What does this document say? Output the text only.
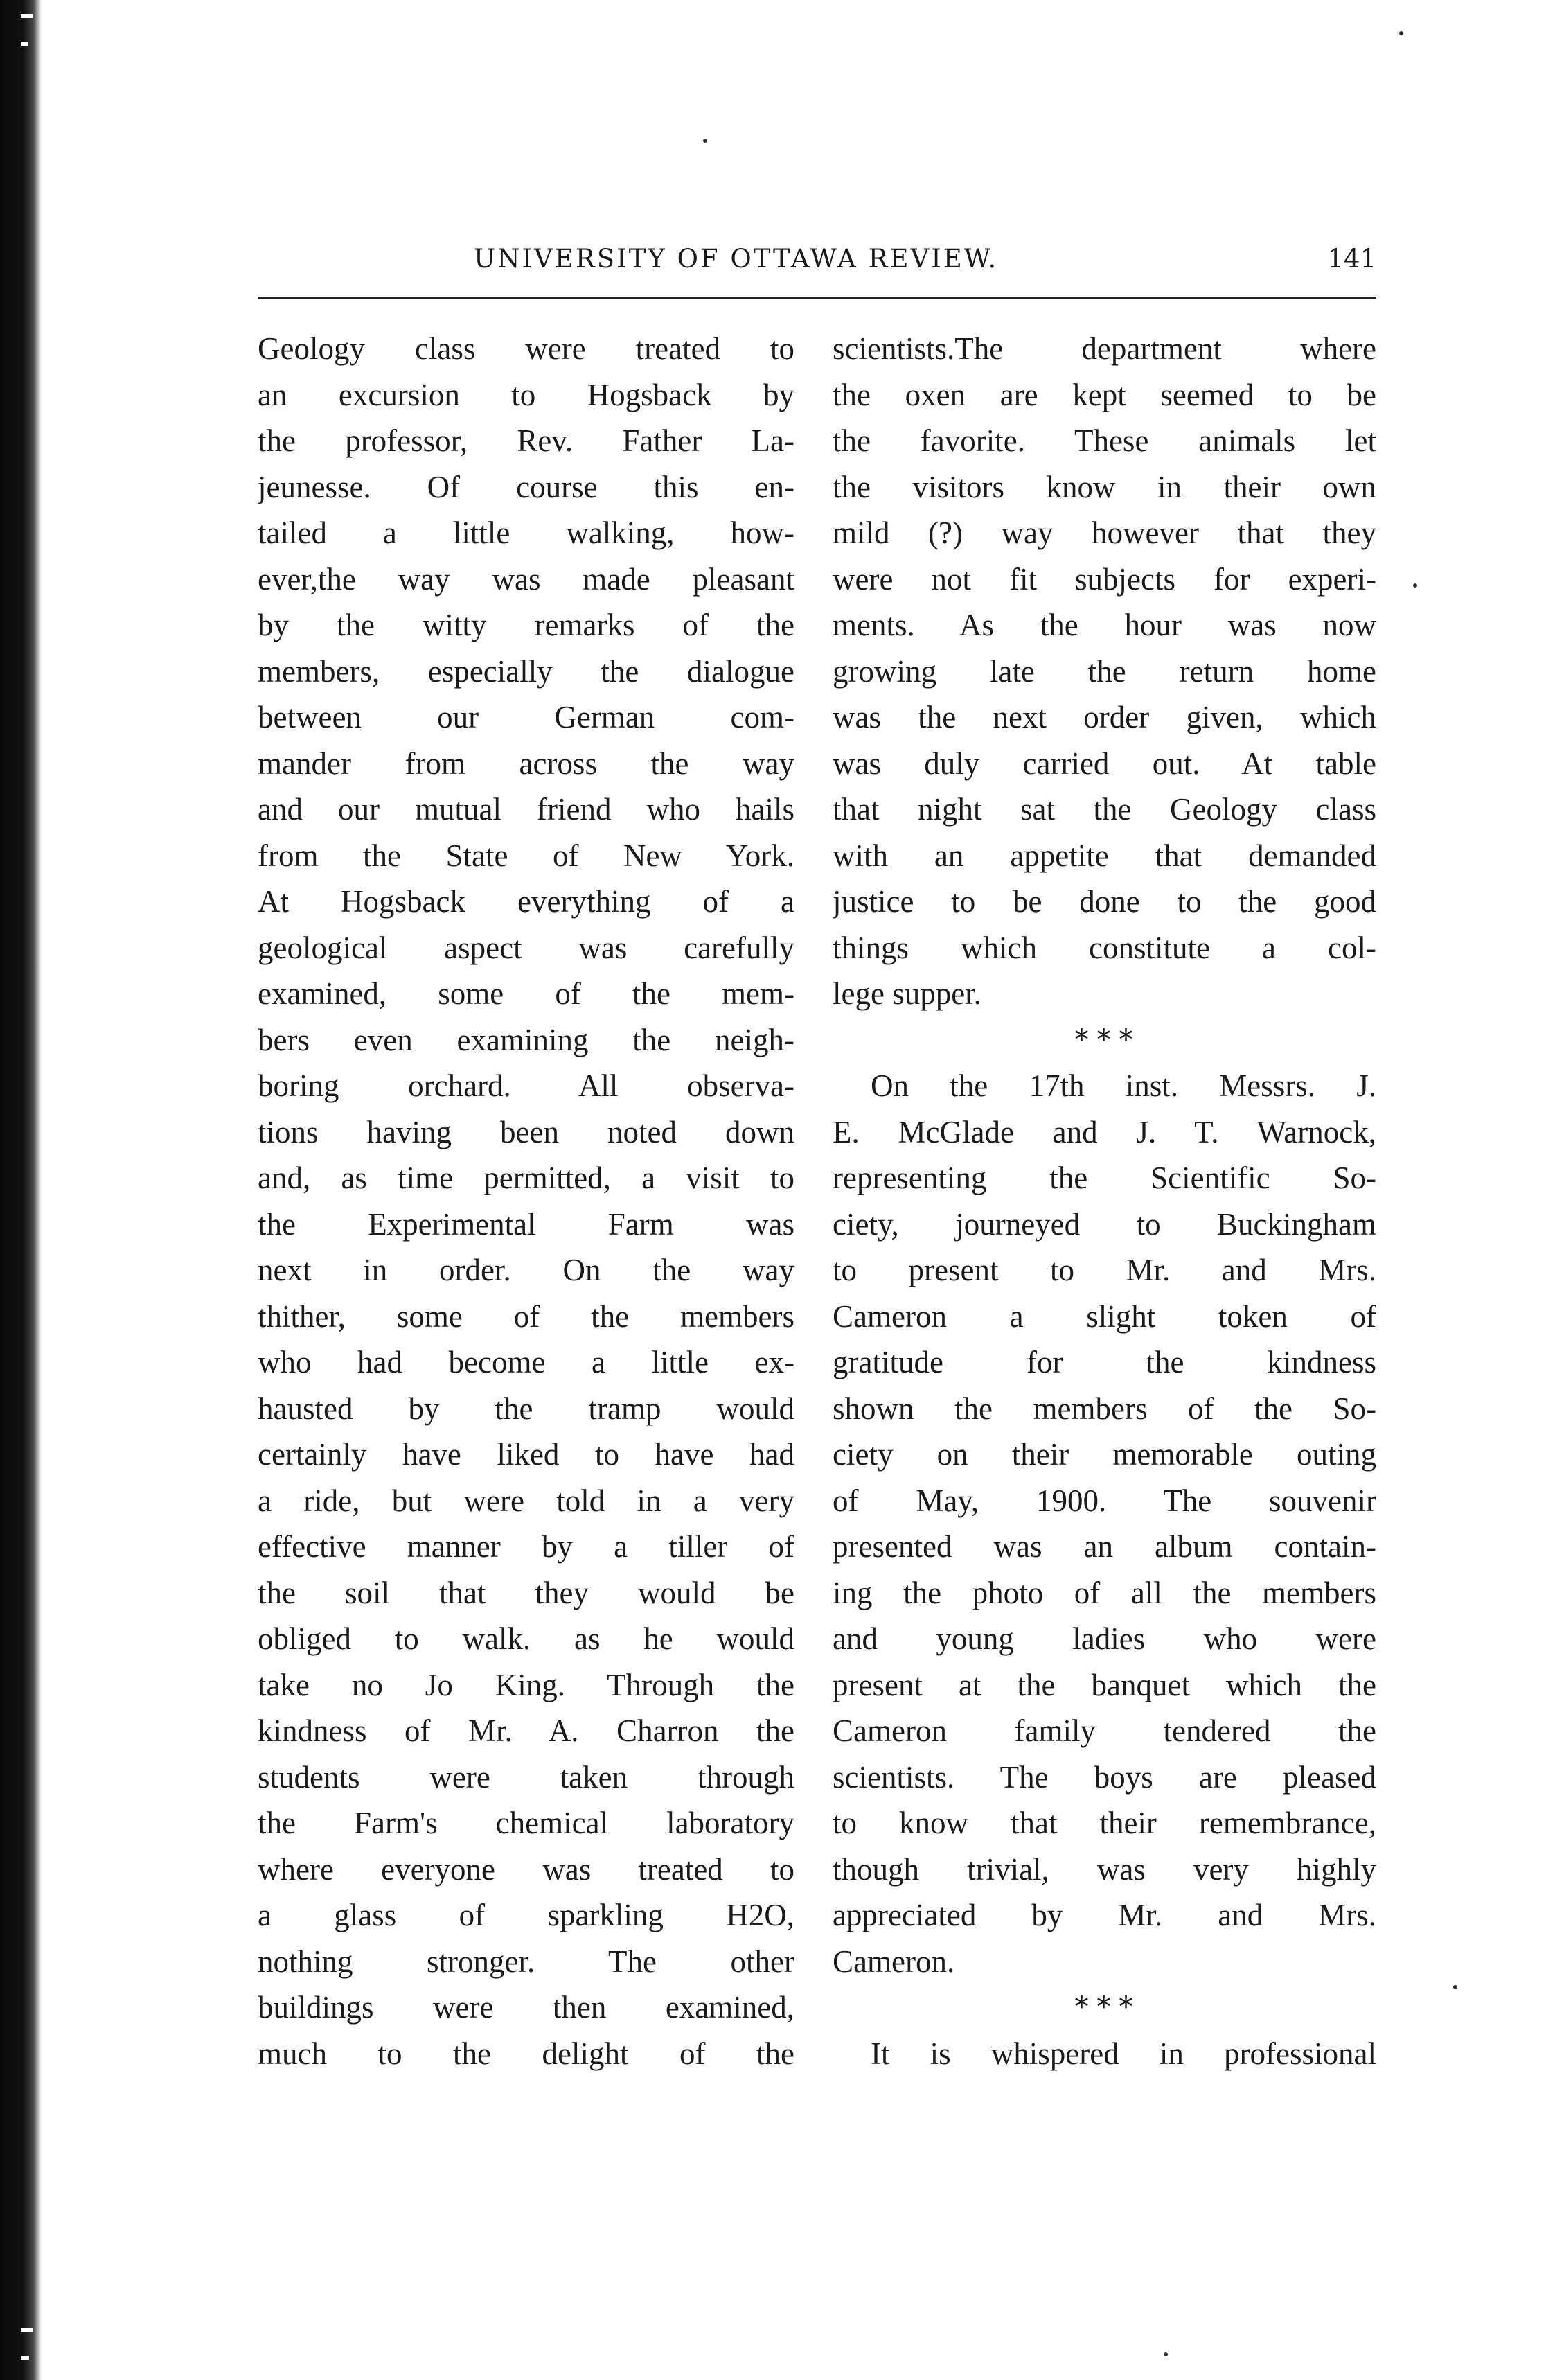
UNIVERSITY OF OTTAWA REVIEW.	141
Geology class were treated to
an excursion to Hogsback by
the professor, Rev. Father La-
jeunesse. Of course this en-
tailed a little walking, how-
ever,the way was made pleasant
by the witty remarks of the
members, especially the dialogue
between our German com-
mander from across the way
and our mutual friend who hails
from the State of New York.
At Hogsback everything of a
geological aspect was carefully
examined, some of the mem-
bers even examining the neigh-
boring orchard. All observa-
tions having been noted down
and, as time permitted, a visit to
the Experimental Farm was
next in order. On the way
thither, some of the members
who had become a little ex-
hausted by the tramp would
certainly have liked to have had
a ride, but were told in a very
effective manner by a tiller of
the soil that they would be
obliged to walk. as he would
take no Jo King. Through the
kindness of Mr. A. Charron the
students were taken through
the Farm's chemical laboratory
where everyone was treated to
a glass of sparkling H2O,
nothing stronger. The other
buildings were then examined,
much to the delight of the
scientists.The department where
the oxen are kept seemed to be
the favorite. These animals let
the visitors know in their own
mild (?) way however that they
were not fit subjects for experi-
ments. As the hour was now
growing late the return home
was the next order given, which
was duly carried out. At table
that night sat the Geology class
with an appetite that demanded
justice to be done to the good
things which constitute a col-
lege supper.
* * *
On the 17th inst. Messrs. J.
E. McGlade and J. T. Warnock,
representing the Scientific So-
ciety, journeyed to Buckingham
to present to Mr. and Mrs.
Cameron a slight token of
gratitude for the kindness
shown the members of the So-
ciety on their memorable outing
of May, 1900. The souvenir
presented was an album contain-
ing the photo of all the members
and young ladies who were
present at the banquet which the
Cameron family tendered the
scientists. The boys are pleased
to know that their remembrance,
though trivial, was very highly
appreciated by Mr. and Mrs.
Cameron.
* * *
It is whispered in professional
